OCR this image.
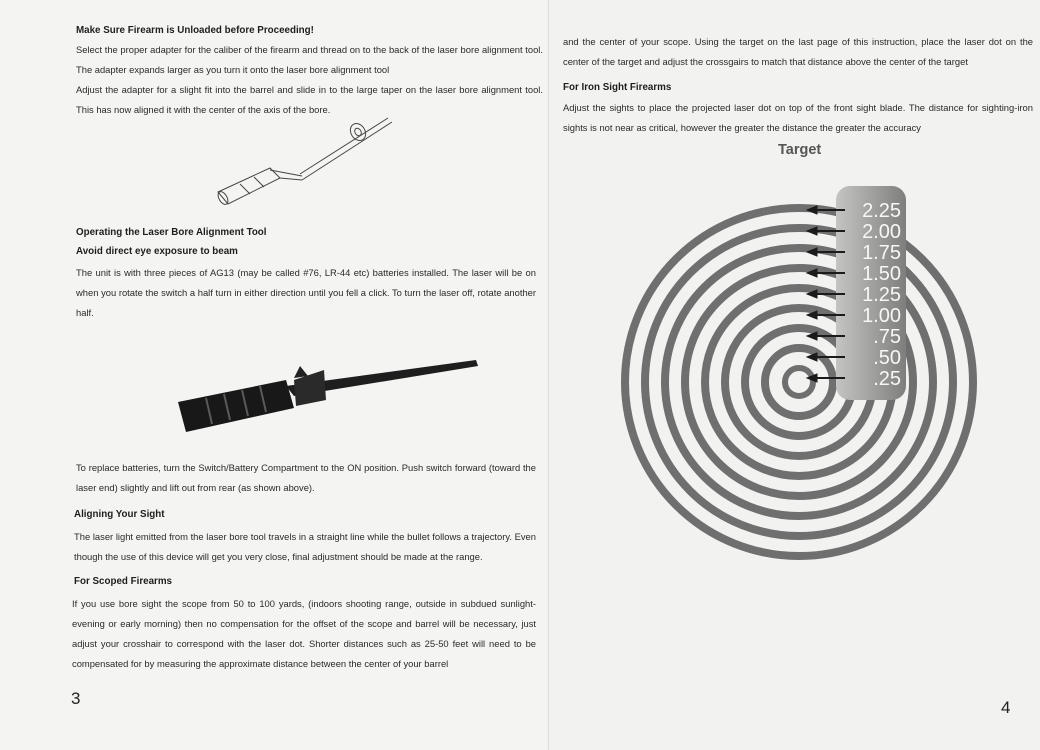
Make Sure Firearm is Unloaded before Proceeding!
Select the proper adapter for the caliber of the firearm and thread on to the back of the laser bore alignment tool. The adapter expands larger as you turn it onto the laser bore alignment tool
Adjust the adapter for a slight fit into the barrel and slide in to the large taper on the laser bore alignment tool. This has now aligned it with the center of the axis of the bore.
Operating the Laser Bore Alignment Tool
Avoid direct eye exposure to beam
The unit is with three pieces of AG13 (may be called #76, LR-44 etc) batteries installed. The laser will be on when you rotate the switch a half turn in either direction until you fell a click. To turn the laser off, rotate another half.
To replace batteries, turn the Switch/Battery Compartment to the ON position. Push switch forward (toward the laser end) slightly and lift out from rear (as shown above).
Aligning Your Sight
The laser light emitted from the laser bore tool travels in a straight line while the bullet follows a trajectory. Even though the use of this device will get you very close, final adjustment should be made at the range.
For Scoped Firearms
If you use bore sight the scope from 50 to 100 yards, (indoors shooting range, outside in subdued sunlight-evening or early morning) then no compensation for the offset of the scope and barrel will be necessary, just adjust your crosshair to correspond with the laser dot. Shorter distances such as 25-50 feet will need to be compensated for by measuring the approximate distance between the center of your barrel
3
and the center of your scope. Using the target on the last page of this instruction, place the laser dot on the center of the target and adjust the crossgairs to match that distance above the center of the target
For Iron Sight Firearms
Adjust the sights to place the projected laser dot on top of the front sight blade. The distance for sighting-iron sights is not near as critical, however the greater the distance the greater the accuracy
Target
2.25
2.00
1.75
1.50
1.25
1.00
.75
.50
.25
4
